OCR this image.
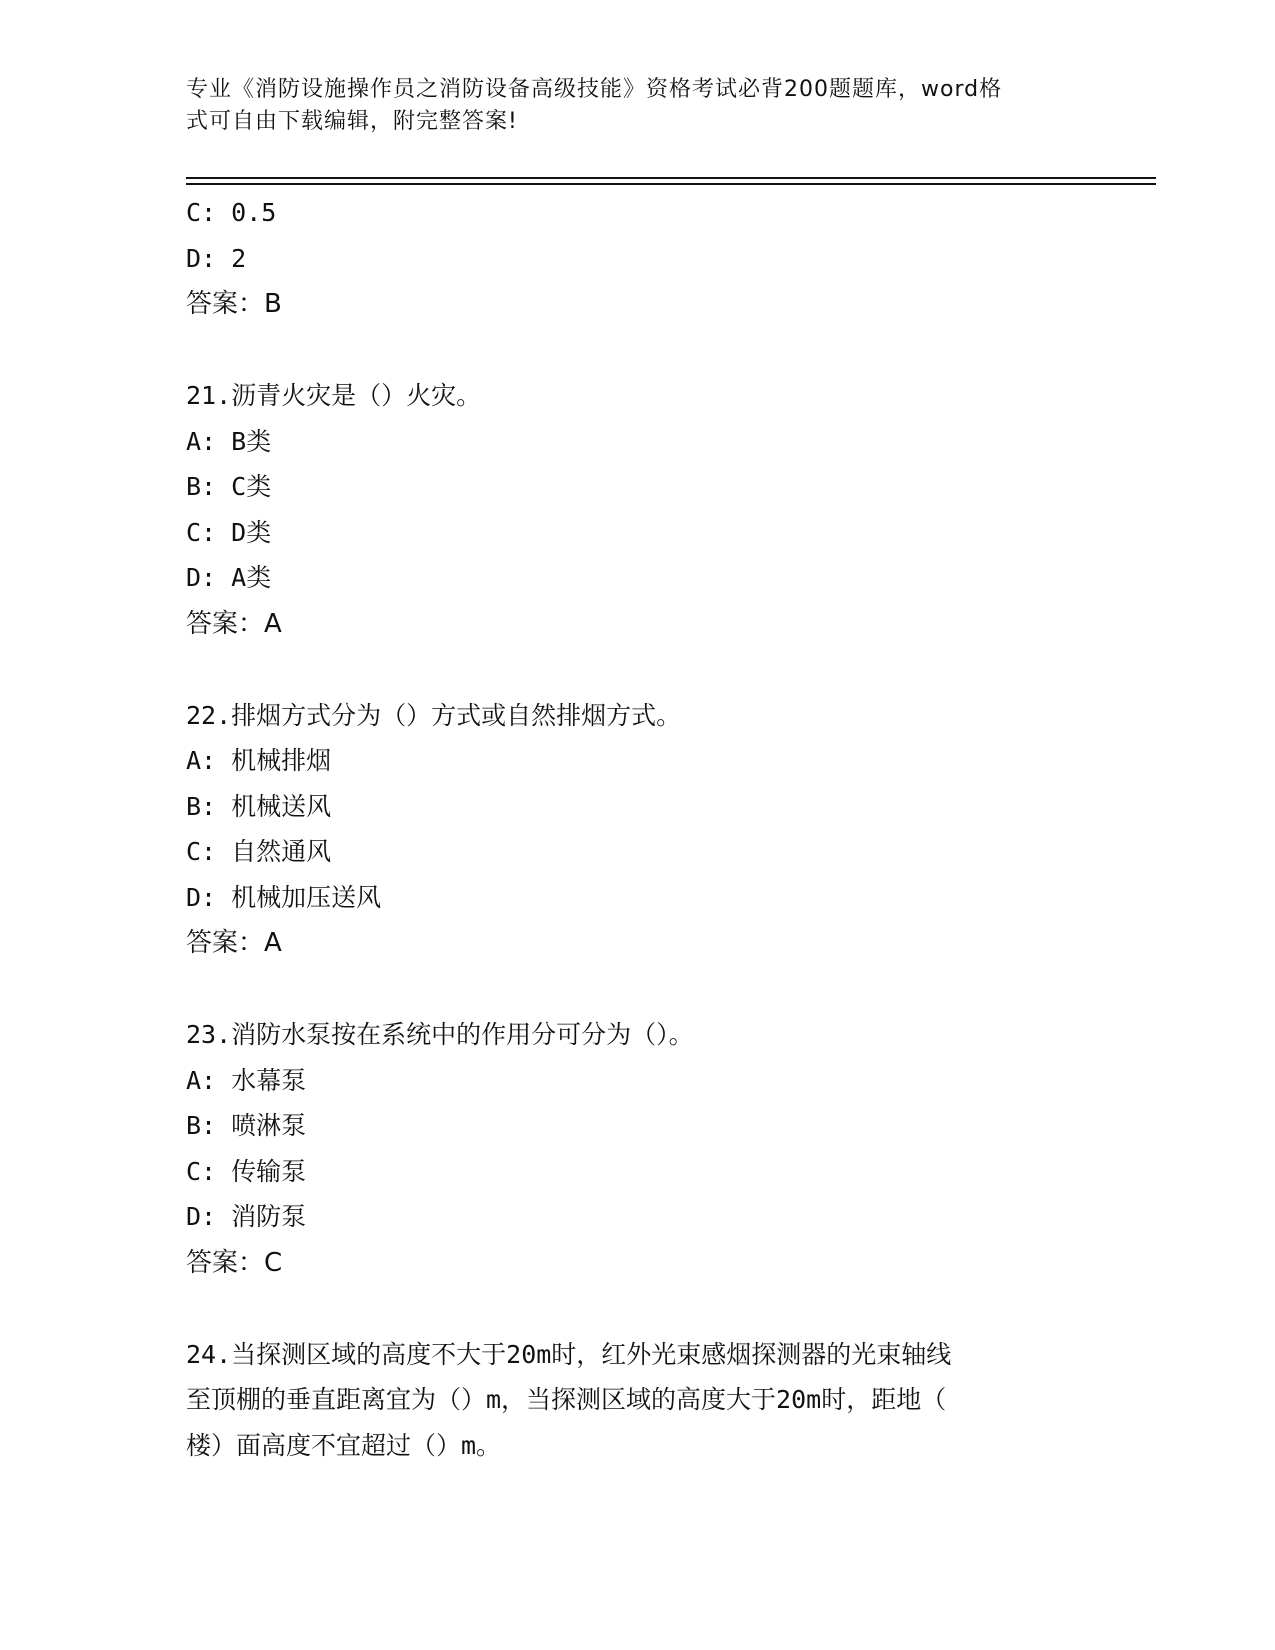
专业《消防设施操作员之消防设备高级技能》资格考试必背200题题库，word格
式可自由下载编辑，附完整答案!
C: 0.5
D: 2
答案：B
21.沥青火灾是（）火灾。
A: B类
B: C类
C: D类
D: A类
答案：A
22.排烟方式分为（）方式或自然排烟方式。
A: 机械排烟
B: 机械送风
C: 自然通风
D: 机械加压送风
答案：A
23.消防水泵按在系统中的作用分可分为（）。
A: 水幕泵
B: 喷淋泵
C: 传输泵
D: 消防泵
答案：C
24.当探测区域的高度不大于20m时，红外光束感烟探测器的光束轴线
至顶棚的垂直距离宜为（）m，当探测区域的高度大于20m时，距地（
楼）面高度不宜超过（）m。
